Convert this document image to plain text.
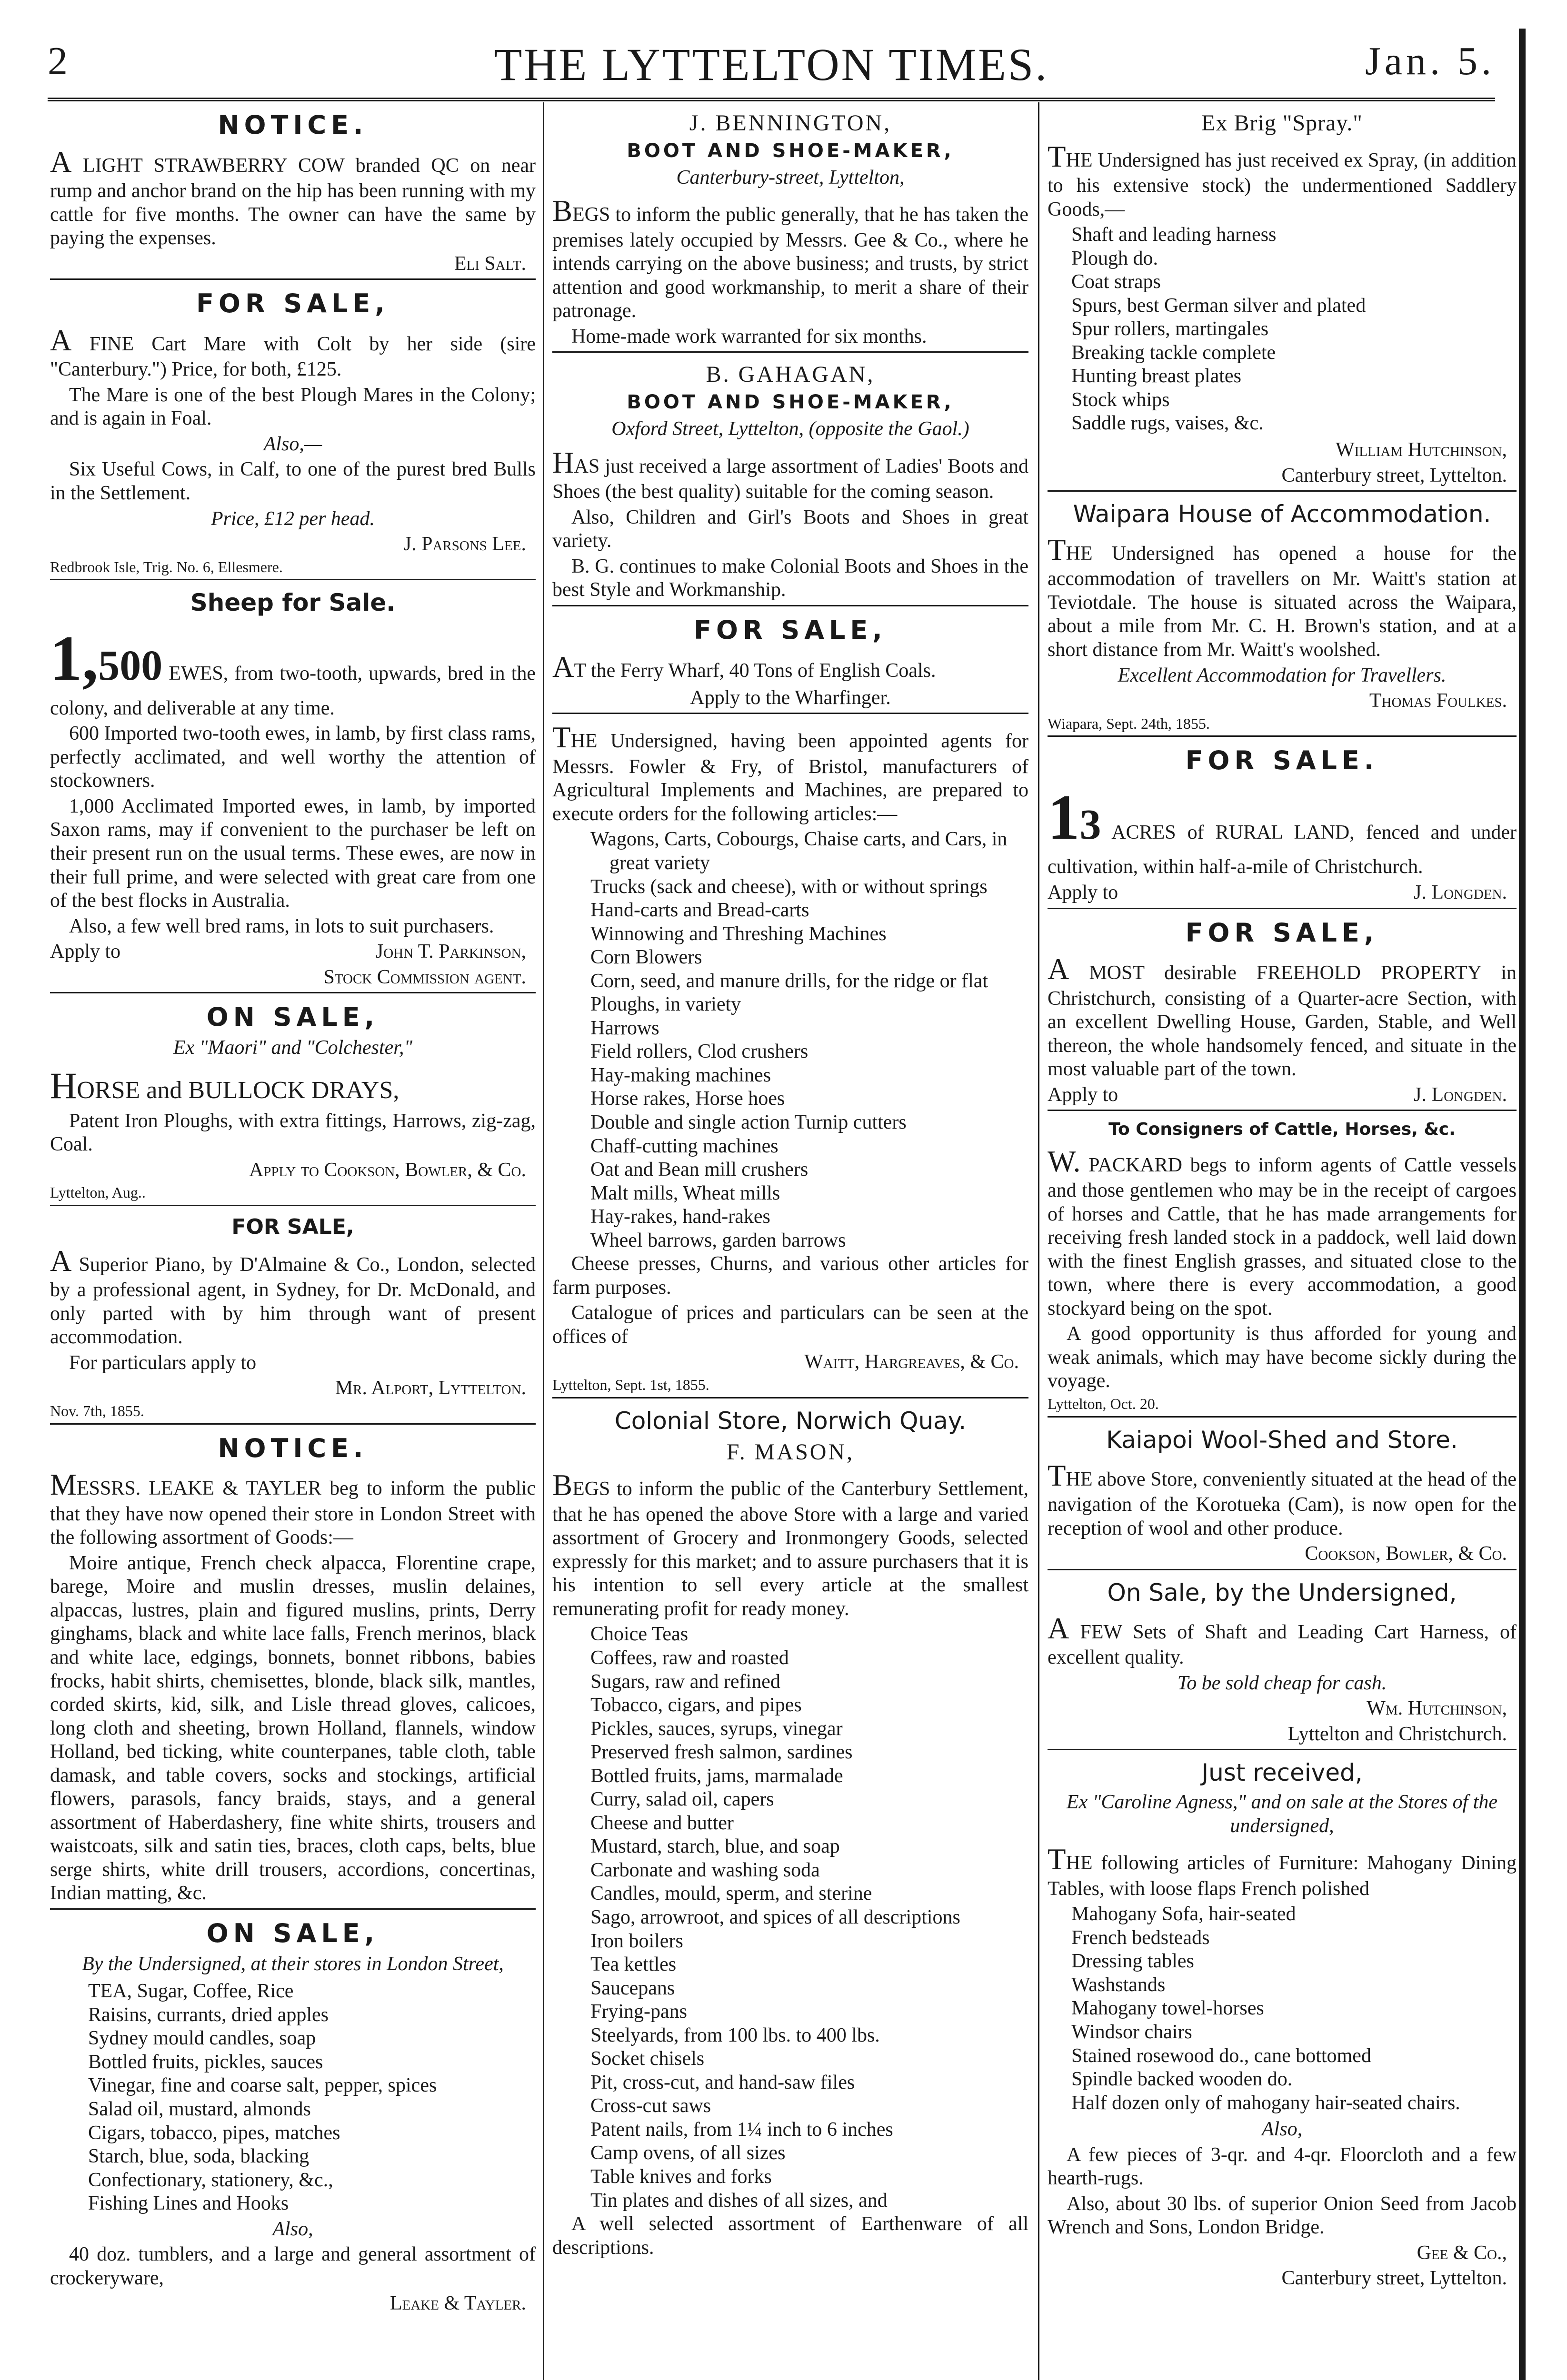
2	THE LYTTELTON TIMES.	Jan. 5.
NOTICE.
A LIGHT STRAWBERRY COW branded QC on near rump and anchor brand on the hip has been running with my cattle for five months. The owner can have the same by paying the expenses.
Eli Salt.
FOR SALE,
A FINE Cart Mare with Colt by her side (sire "Canterbury.") Price, for both, £125.
The Mare is one of the best Plough Mares in the Colony; and is again in Foal.
Also,—
Six Useful Cows, in Calf, to one of the purest bred Bulls in the Settlement.
Price, £12 per head.
J. Parsons Lee.
Redbrook Isle, Trig. No. 6, Ellesmere.
Sheep for Sale.
1,500 EWES, from two-tooth, upwards, bred in the colony, and deliverable at any time.
600 Imported two-tooth ewes, in lamb, by first class rams, perfectly acclimated, and well worthy the attention of stockowners.
1,000 Acclimated Imported ewes, in lamb, by imported Saxon rams, may if convenient to the purchaser be left on their present run on the usual terms. These ewes, are now in their full prime, and were selected with great care from one of the best flocks in Australia.
Also, a few well bred rams, in lots to suit purchasers.
Apply to	John T. Parkinson,
Stock Commission agent.
ON SALE,
Ex "Maori" and "Colchester,"
HORSE and BULLOCK DRAYS,
Patent Iron Ploughs, with extra fittings, Harrows, zig-zag, Coal.
Apply to Cookson, Bowler, & Co.
Lyttelton, Aug..
FOR SALE,
A Superior Piano, by D'Almaine & Co., London, selected by a professional agent, in Sydney, for Dr. McDonald, and only parted with by him through want of present accommodation.
For particulars apply to
Mr. Alport, Lyttelton.
Nov. 7th, 1855.
NOTICE.
MESSRS. LEAKE & TAYLER beg to inform the public that they have now opened their store in London Street with the following assortment of Goods:—
Moire antique, French check alpacca, Florentine crape, barege, Moire and muslin dresses, muslin delaines, alpaccas, lustres, plain and figured muslins, prints, Derry ginghams, black and white lace falls, French merinos, black and white lace, edgings, bonnets, bonnet ribbons, babies frocks, habit shirts, chemisettes, blonde, black silk, mantles, corded skirts, kid, silk, and Lisle thread gloves, calicoes, long cloth and sheeting, brown Holland, flannels, window Holland, bed ticking, white counterpanes, table cloth, table damask, and table covers, socks and stockings, artificial flowers, parasols, fancy braids, stays, and a general assortment of Haberdashery, fine white shirts, trousers and waistcoats, silk and satin ties, braces, cloth caps, belts, blue serge shirts, white drill trousers, accordions, concertinas, Indian matting, &c.
ON SALE,
By the Undersigned, at their stores in London Street,
TEA, Sugar, Coffee, Rice
Raisins, currants, dried apples
Sydney mould candles, soap
Bottled fruits, pickles, sauces
Vinegar, fine and coarse salt, pepper, spices
Salad oil, mustard, almonds
Cigars, tobacco, pipes, matches
Starch, blue, soda, blacking
Confectionary, stationery, &c.,
Fishing Lines and Hooks
Also,
40 doz. tumblers, and a large and general assortment of crockeryware,
Leake & Tayler.
J. BENNINGTON,
BOOT AND SHOE-MAKER,
Canterbury-street, Lyttelton,
BEGS to inform the public generally, that he has taken the premises lately occupied by Messrs. Gee & Co., where he intends carrying on the above business; and trusts, by strict attention and good workmanship, to merit a share of their patronage.
Home-made work warranted for six months.
B. GAHAGAN,
BOOT AND SHOE-MAKER,
Oxford Street, Lyttelton, (opposite the Gaol.)
HAS just received a large assortment of Ladies' Boots and Shoes (the best quality) suitable for the coming season.
Also, Children and Girl's Boots and Shoes in great variety.
B. G. continues to make Colonial Boots and Shoes in the best Style and Workmanship.
FOR SALE,
AT the Ferry Wharf, 40 Tons of English Coals.
Apply to the Wharfinger.
THE Undersigned, having been appointed agents for Messrs. Fowler & Fry, of Bristol, manufacturers of Agricultural Implements and Machines, are prepared to execute orders for the following articles:—
Wagons, Carts, Cobourgs, Chaise carts, and Cars, in great variety
Trucks (sack and cheese), with or without springs
Hand-carts and Bread-carts
Winnowing and Threshing Machines
Corn Blowers
Corn, seed, and manure drills, for the ridge or flat
Ploughs, in variety
Harrows
Field rollers, Clod crushers
Hay-making machines
Horse rakes, Horse hoes
Double and single action Turnip cutters
Chaff-cutting machines
Oat and Bean mill crushers
Malt mills, Wheat mills
Hay-rakes, hand-rakes
Wheel barrows, garden barrows
Cheese presses, Churns, and various other articles for farm purposes.
Catalogue of prices and particulars can be seen at the offices of
Waitt, Hargreaves, & Co.
Lyttelton, Sept. 1st, 1855.
Colonial Store, Norwich Quay.
F. MASON,
BEGS to inform the public of the Canterbury Settlement, that he has opened the above Store with a large and varied assortment of Grocery and Ironmongery Goods, selected expressly for this market; and to assure purchasers that it is his intention to sell every article at the smallest remunerating profit for ready money.
Choice Teas
Coffees, raw and roasted
Sugars, raw and refined
Tobacco, cigars, and pipes
Pickles, sauces, syrups, vinegar
Preserved fresh salmon, sardines
Bottled fruits, jams, marmalade
Curry, salad oil, capers
Cheese and butter
Mustard, starch, blue, and soap
Carbonate and washing soda
Candles, mould, sperm, and sterine
Sago, arrowroot, and spices of all descriptions
Iron boilers
Tea kettles
Saucepans
Frying-pans
Steelyards, from 100 lbs. to 400 lbs.
Socket chisels
Pit, cross-cut, and hand-saw files
Cross-cut saws
Patent nails, from 1¼ inch to 6 inches
Camp ovens, of all sizes
Table knives and forks
Tin plates and dishes of all sizes, and
A well selected assortment of Earthenware of all descriptions.
Ex Brig "Spray."
THE Undersigned has just received ex Spray, (in addition to his extensive stock) the undermentioned Saddlery Goods,—
Shaft and leading harness
Plough do.
Coat straps
Spurs, best German silver and plated
Spur rollers, martingales
Breaking tackle complete
Hunting breast plates
Stock whips
Saddle rugs, vaises, &c.
William Hutchinson,
Canterbury street, Lyttelton.
Waipara House of Accommodation.
THE Undersigned has opened a house for the accommodation of travellers on Mr. Waitt's station at Teviotdale. The house is situated across the Waipara, about a mile from Mr. C. H. Brown's station, and at a short distance from Mr. Waitt's woolshed.
Excellent Accommodation for Travellers.
Thomas Foulkes.
Wiapara, Sept. 24th, 1855.
FOR SALE.
13 ACRES of RURAL LAND, fenced and under cultivation, within half-a-mile of Christchurch.
Apply to	J. Longden.
FOR SALE,
A MOST desirable FREEHOLD PROPERTY in Christchurch, consisting of a Quarter-acre Section, with an excellent Dwelling House, Garden, Stable, and Well thereon, the whole handsomely fenced, and situate in the most valuable part of the town.
Apply to	J. Longden.
To Consigners of Cattle, Horses, &c.
W. PACKARD begs to inform agents of Cattle vessels and those gentlemen who may be in the receipt of cargoes of horses and Cattle, that he has made arrangements for receiving fresh landed stock in a paddock, well laid down with the finest English grasses, and situated close to the town, where there is every accommodation, a good stockyard being on the spot.
A good opportunity is thus afforded for young and weak animals, which may have become sickly during the voyage.
Lyttelton, Oct. 20.
Kaiapoi Wool-Shed and Store.
THE above Store, conveniently situated at the head of the navigation of the Korotueka (Cam), is now open for the reception of wool and other produce.
Cookson, Bowler, & Co.
On Sale, by the Undersigned,
A FEW Sets of Shaft and Leading Cart Harness, of excellent quality.
To be sold cheap for cash.
Wm. Hutchinson,
Lyttelton and Christchurch.
Just received,
Ex "Caroline Agness," and on sale at the Stores of the undersigned,
THE following articles of Furniture: Mahogany Dining Tables, with loose flaps French polished
Mahogany Sofa, hair-seated
French bedsteads
Dressing tables
Washstands
Mahogany towel-horses
Windsor chairs
Stained rosewood do., cane bottomed
Spindle backed wooden do.
Half dozen only of mahogany hair-seated chairs.
Also,
A few pieces of 3-qr. and 4-qr. Floorcloth and a few hearth-rugs.
Also, about 30 lbs. of superior Onion Seed from Jacob Wrench and Sons, London Bridge.
Gee & Co.,
Canterbury street, Lyttelton.
